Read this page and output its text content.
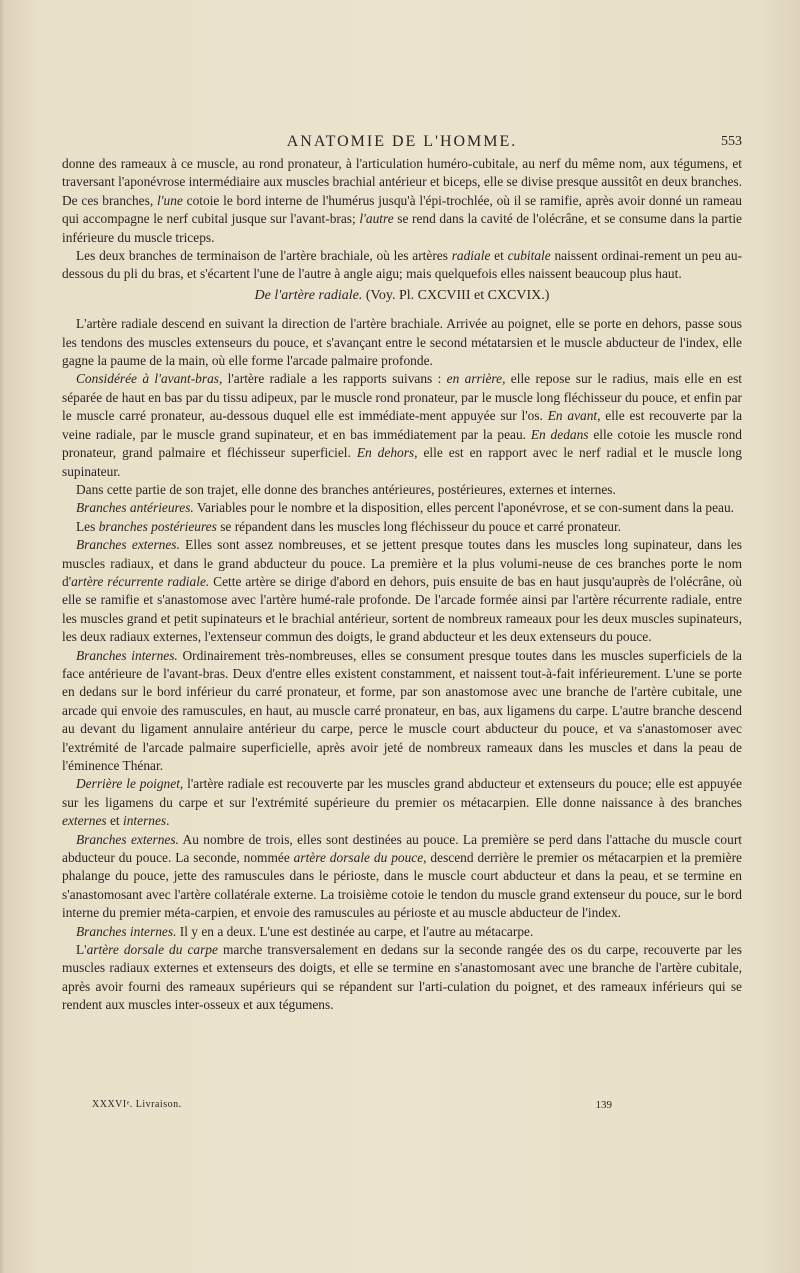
ANATOMIE DE L'HOMME.	553

donne des rameaux à ce muscle, au rond pronateur, à l'articulation huméro-cubitale, au nerf du même nom, aux tégumens, et traversant l'aponévrose intermédiaire aux muscles brachial antérieur et biceps, elle se divise presque aussitôt en deux branches. De ces branches, l'une cotoie le bord interne de l'humérus jusqu'à l'épi-trochlée, où il se ramifie, après avoir donné un rameau qui accompagne le nerf cubital jusque sur l'avant-bras; l'autre se rend dans la cavité de l'olécrâne, et se consume dans la partie inférieure du muscle triceps.

Les deux branches de terminaison de l'artère brachiale, où les artères radiale et cubitale naissent ordinai-rement un peu au-dessous du pli du bras, et s'écartent l'une de l'autre à angle aigu; mais quelquefois elles naissent beaucoup plus haut.

De l'artère radiale. (Voy. Pl. CXCVIII et CXCVIX.)

L'artère radiale descend en suivant la direction de l'artère brachiale. Arrivée au poignet, elle se porte en dehors, passe sous les tendons des muscles extenseurs du pouce, et s'avançant entre le second métatarsien et le muscle abducteur de l'index, elle gagne la paume de la main, où elle forme l'arcade palmaire profonde.

Considérée à l'avant-bras, l'artère radiale a les rapports suivans : en arrière, elle repose sur le radius, mais elle en est séparée de haut en bas par du tissu adipeux, par le muscle rond pronateur, par le muscle long fléchisseur du pouce, et enfin par le muscle carré pronateur, au-dessous duquel elle est immédiate-ment appuyée sur l'os. En avant, elle est recouverte par la veine radiale, par le muscle grand supinateur, et en bas immédiatement par la peau. En dedans elle cotoie les muscle rond pronateur, grand palmaire et fléchisseur superficiel. En dehors, elle est en rapport avec le nerf radial et le muscle long supinateur.

Dans cette partie de son trajet, elle donne des branches antérieures, postérieures, externes et internes.

Branches antérieures. Variables pour le nombre et la disposition, elles percent l'aponévrose, et se con-sument dans la peau.

Les branches postérieures se répandent dans les muscles long fléchisseur du pouce et carré pronateur.

Branches externes. Elles sont assez nombreuses, et se jettent presque toutes dans les muscles long supinateur, dans les muscles radiaux, et dans le grand abducteur du pouce. La première et la plus volumi-neuse de ces branches porte le nom d'artère récurrente radiale. Cette artère se dirige d'abord en dehors, puis ensuite de bas en haut jusqu'auprès de l'olécrâne, où elle se ramifie et s'anastomose avec l'artère humé-rale profonde. De l'arcade formée ainsi par l'artère récurrente radiale, entre les muscles grand et petit supinateurs et le brachial antérieur, sortent de nombreux rameaux pour les deux muscles supinateurs, les deux radiaux externes, l'extenseur commun des doigts, le grand abducteur et les deux extenseurs du pouce.

Branches internes. Ordinairement très-nombreuses, elles se consument presque toutes dans les muscles superficiels de la face antérieure de l'avant-bras. Deux d'entre elles existent constamment, et naissent tout-à-fait inférieurement. L'une se porte en dedans sur le bord inférieur du carré pronateur, et forme, par son anastomose avec une branche de l'artère cubitale, une arcade qui envoie des ramuscules, en haut, au muscle carré pronateur, en bas, aux ligamens du carpe. L'autre branche descend au devant du ligament annulaire antérieur du carpe, perce le muscle court abducteur du pouce, et va s'anastomoser avec l'extrémité de l'arcade palmaire superficielle, après avoir jeté de nombreux rameaux dans les muscles et dans la peau de l'éminence Thénar.

Derrière le poignet, l'artère radiale est recouverte par les muscles grand abducteur et extenseurs du pouce; elle est appuyée sur les ligamens du carpe et sur l'extrémité supérieure du premier os métacarpien. Elle donne naissance à des branches externes et internes.

Branches externes. Au nombre de trois, elles sont destinées au pouce. La première se perd dans l'attache du muscle court abducteur du pouce. La seconde, nommée artère dorsale du pouce, descend derrière le premier os métacarpien et la première phalange du pouce, jette des ramuscules dans le périoste, dans le muscle court abducteur et dans la peau, et se termine en s'anastomosant avec l'artère collatérale externe. La troisième cotoie le tendon du muscle grand extenseur du pouce, sur le bord interne du premier méta-carpien, et envoie des ramuscules au périoste et au muscle abducteur de l'index.

Branches internes. Il y en a deux. L'une est destinée au carpe, et l'autre au métacarpe.

L'artère dorsale du carpe marche transversalement en dedans sur la seconde rangée des os du carpe, recouverte par les muscles radiaux externes et extenseurs des doigts, et elle se termine en s'anastomosant avec une branche de l'artère cubitale, après avoir fourni des rameaux supérieurs qui se répandent sur l'arti-culation du poignet, et des rameaux inférieurs qui se rendent aux muscles inter-osseux et aux tégumens.

XXXVIᵉ. Livraison.	139
